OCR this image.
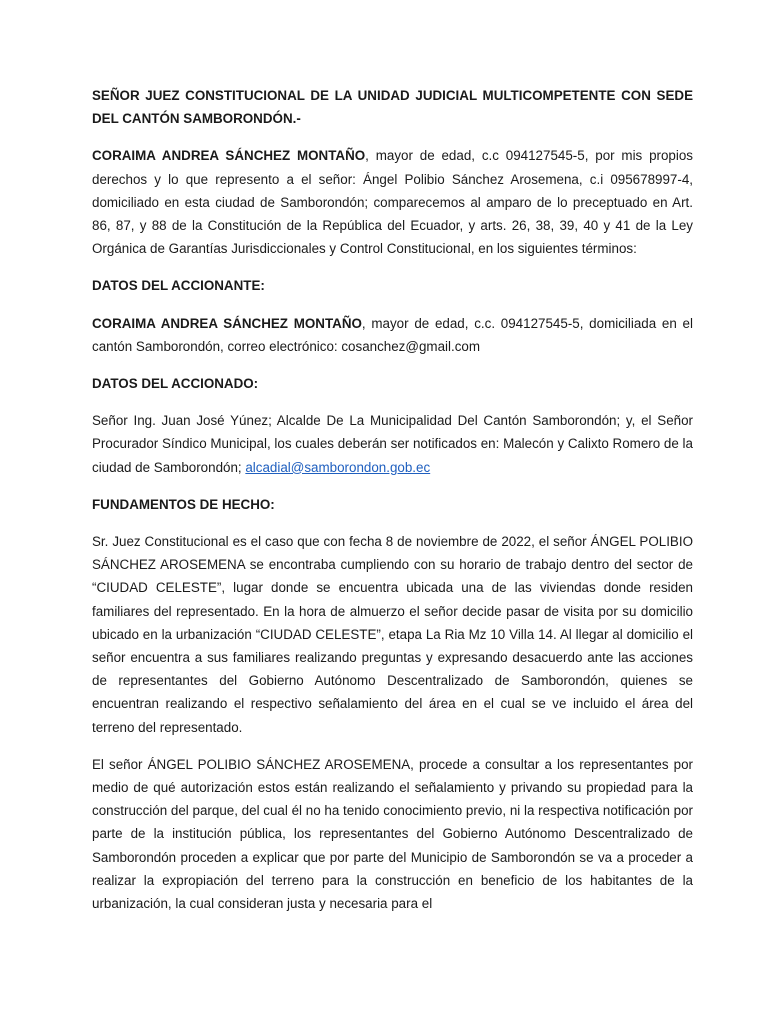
SEÑOR JUEZ CONSTITUCIONAL DE LA UNIDAD JUDICIAL MULTICOMPETENTE CON SEDE DEL CANTÓN SAMBORONDÓN.-

CORAIMA ANDREA SÁNCHEZ MONTAÑO, mayor de edad, c.c 094127545-5, por mis propios derechos y lo que represento a el señor: Ángel Polibio Sánchez Arosemena, c.i 095678997-4, domiciliado en esta ciudad de Samborondón; comparecemos al amparo de lo preceptuado en Art. 86, 87, y 88 de la Constitución de la República del Ecuador, y arts. 26, 38, 39, 40 y 41 de la Ley Orgánica de Garantías Jurisdiccionales y Control Constitucional, en los siguientes términos:

DATOS DEL ACCIONANTE:

CORAIMA ANDREA SÁNCHEZ MONTAÑO, mayor de edad, c.c. 094127545-5, domiciliada en el cantón Samborondón, correo electrónico: cosanchez@gmail.com

DATOS DEL ACCIONADO:

Señor Ing. Juan José Yúnez; Alcalde De La Municipalidad Del Cantón Samborondón; y, el Señor Procurador Síndico Municipal, los cuales deberán ser notificados en: Malecón y Calixto Romero de la ciudad de Samborondón; alcadial@samborondon.gob.ec

FUNDAMENTOS DE HECHO:

Sr. Juez Constitucional es el caso que con fecha 8 de noviembre de 2022, el señor ÁNGEL POLIBIO SÁNCHEZ AROSEMENA se encontraba cumpliendo con su horario de trabajo dentro del sector de “CIUDAD CELESTE”, lugar donde se encuentra ubicada una de las viviendas donde residen familiares del representado. En la hora de almuerzo el señor decide pasar de visita por su domicilio ubicado en la urbanización “CIUDAD CELESTE”, etapa La Ria Mz 10 Villa 14. Al llegar al domicilio el señor encuentra a sus familiares realizando preguntas y expresando desacuerdo ante las acciones de representantes del Gobierno Autónomo Descentralizado de Samborondón, quienes se encuentran realizando el respectivo señalamiento del área en el cual se ve incluido el área del terreno del representado.

El señor ÁNGEL POLIBIO SÁNCHEZ AROSEMENA, procede a consultar a los representantes por medio de qué autorización estos están realizando el señalamiento y privando su propiedad para la construcción del parque, del cual él no ha tenido conocimiento previo, ni la respectiva notificación por parte de la institución pública, los representantes del Gobierno Autónomo Descentralizado de Samborondón proceden a explicar que por parte del Municipio de Samborondón se va a proceder a realizar la expropiación del terreno para la construcción en beneficio de los habitantes de la urbanización, la cual consideran justa y necesaria para el
